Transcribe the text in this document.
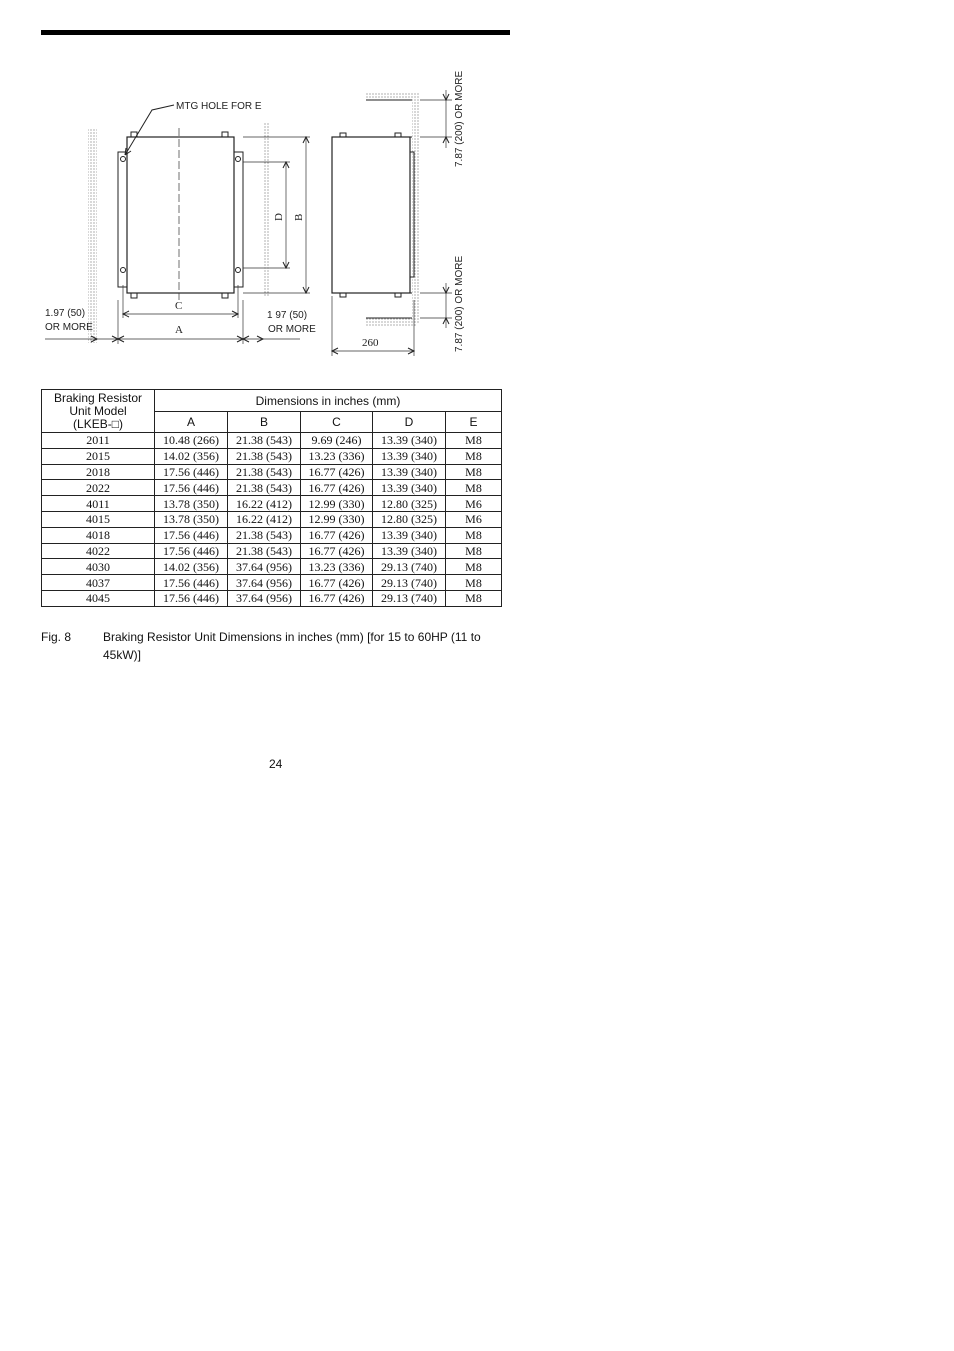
MTG HOLE FOR E
D B
C
A
1.97 (50)
OR MORE
1 97 (50)
OR MORE
7.87 (200) OR MORE
7.87 (200) OR MORE
260
Braking Resistor
Unit Model
(LKEB-□)	Dimensions in inches (mm)				
	A	B	C	D	E
2011	10.48 (266)	21.38 (543)	9.69 (246)	13.39 (340)	M8
2015	14.02 (356)	21.38 (543)	13.23 (336)	13.39 (340)	M8
2018	17.56 (446)	21.38 (543)	16.77 (426)	13.39 (340)	M8
2022	17.56 (446)	21.38 (543)	16.77 (426)	13.39 (340)	M8
4011	13.78 (350)	16.22 (412)	12.99 (330)	12.80 (325)	M6
4015	13.78 (350)	16.22 (412)	12.99 (330)	12.80 (325)	M6
4018	17.56 (446)	21.38 (543)	16.77 (426)	13.39 (340)	M8
4022	17.56 (446)	21.38 (543)	16.77 (426)	13.39 (340)	M8
4030	14.02 (356)	37.64 (956)	13.23 (336)	29.13 (740)	M8
4037	17.56 (446)	37.64 (956)	16.77 (426)	29.13 (740)	M8
4045	17.56 (446)	37.64 (956)	16.77 (426)	29.13 (740)	M8
Fig. 8	Braking Resistor Unit Dimensions in inches (mm) [for 15 to 60HP (11 to 45kW)]
24
